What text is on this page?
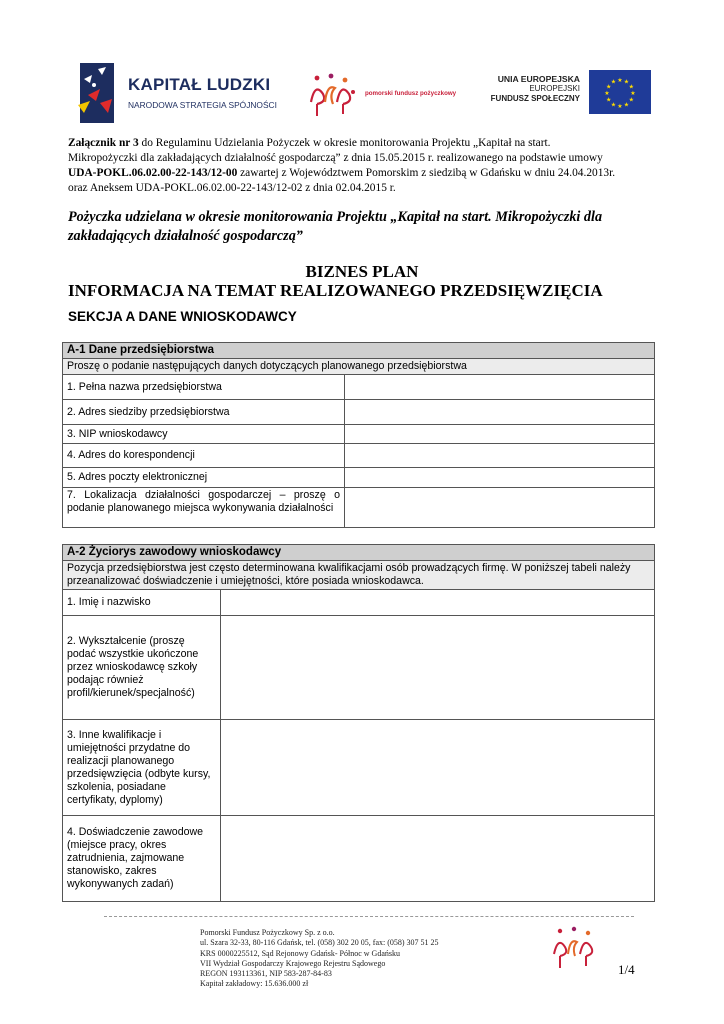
KAPITAŁ LUDZKI
NARODOWA STRATEGIA SPÓJNOŚCI
pomorski fundusz pożyczkowy
UNIA EUROPEJSKA
EUROPEJSKI
FUNDUSZ SPOŁECZNY
★ ★
★
★
★
★
★
★
★
★
★
★

Załącznik nr 3 do Regulaminu Udzielania Pożyczek w okresie monitorowania Projektu „Kapitał na start.

Mikropożyczki dla zakładających działalność gospodarczą” z dnia 15.05.2015 r. realizowanego na podstawie umowy

UDA-POKL.06.02.00-22-143/12-00 zawartej z Województwem Pomorskim z siedzibą w Gdańsku w dniu 24.04.2013r.

oraz Aneksem UDA-POKL.06.02.00-22-143/12-02 z dnia 02.04.2015 r.

Pożyczka udzielana w okresie monitorowania Projektu „Kapitał na start. Mikropożyczki dla zakładających działalność gospodarczą”
BIZNES PLAN
INFORMACJA NA TEMAT REALIZOWANEGO PRZEDSIĘWZIĘCIA
SEKCJA A DANE WNIOSKODAWCY
A-1 Dane przedsiębiorstwa	
Proszę o podanie następujących danych dotyczących planowanego przedsiębiorstwa	
1. Pełna nazwa przedsiębiorstwa	
2. Adres siedziby przedsiębiorstwa	
3. NIP wnioskodawcy	
4. Adres do korespondencji	
5. Adres poczty elektronicznej	
7. Lokalizacja działalności gospodarczej – proszę o podanie planowanego miejsca wykonywania działalności	
A-2 Życiorys zawodowy wnioskodawcy	
Pozycja przedsiębiorstwa jest często determinowana kwalifikacjami osób prowadzących firmę. W poniższej tabeli należy przeanalizować doświadczenie i umiejętności, które posiada wnioskodawca.	
1. Imię i nazwisko	
2. Wykształcenie (proszę podać wszystkie ukończone przez wnioskodawcę szkoły podając również profil/kierunek/specjalność)	
3. Inne kwalifikacje i umiejętności przydatne do realizacji planowanego przedsięwzięcia (odbyte kursy, szkolenia, posiadane certyfikaty, dyplomy)	
4. Doświadczenie zawodowe (miejsce pracy, okres zatrudnienia, zajmowane stanowisko, zakres wykonywanych zadań)	

Pomorski Fundusz Pożyczkowy Sp. z o.o.

ul. Szara 32-33, 80-116 Gdańsk, tel. (058) 302 20 05, fax: (058) 307 51 25

KRS 0000225512, Sąd Rejonowy Gdańsk- Północ w Gdańsku

VII Wydział Gospodarczy Krajowego Rejestru Sądowego

REGON 193113361, NIP 583-287-84-83

Kapitał zakładowy: 15.636.000 zł

1/4
